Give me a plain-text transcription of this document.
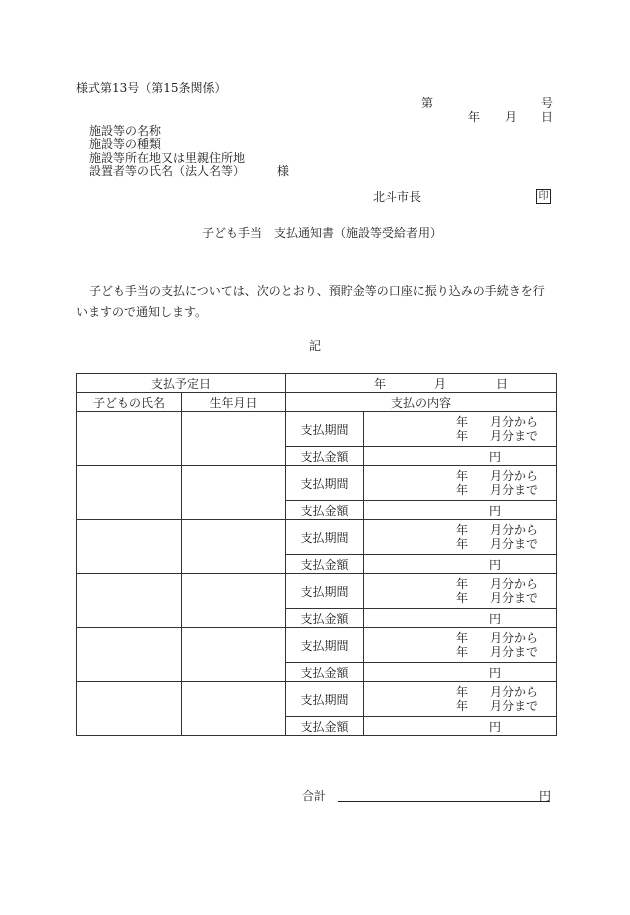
様式第13号（第15条関係）
第	号
年 月 日
施設等の名称
施設等の種類
施設等所在地又は里親住所地
設置者等の氏名（法人名等）	様
北斗市長	印
子ども手当　支払通知書（施設等受給者用）
子ども手当の支払については、次のとおり、預貯金等の口座に振り込みの手続きを行いますので通知します。
記
支払予定日		年 月 日	
子どもの氏名	生年月日	支払の内容	
		支払期間	年 月分から
年 月分まで

		支払金額	円
		支払期間	年 月分から
年 月分まで

		支払金額	円
		支払期間	年 月分から
年 月分まで

		支払金額	円
		支払期間	年 月分から
年 月分まで

		支払金額	円
		支払期間	年 月分から
年 月分まで

		支払金額	円
		支払期間	年 月分から
年 月分まで

		支払金額	円
合計	円
